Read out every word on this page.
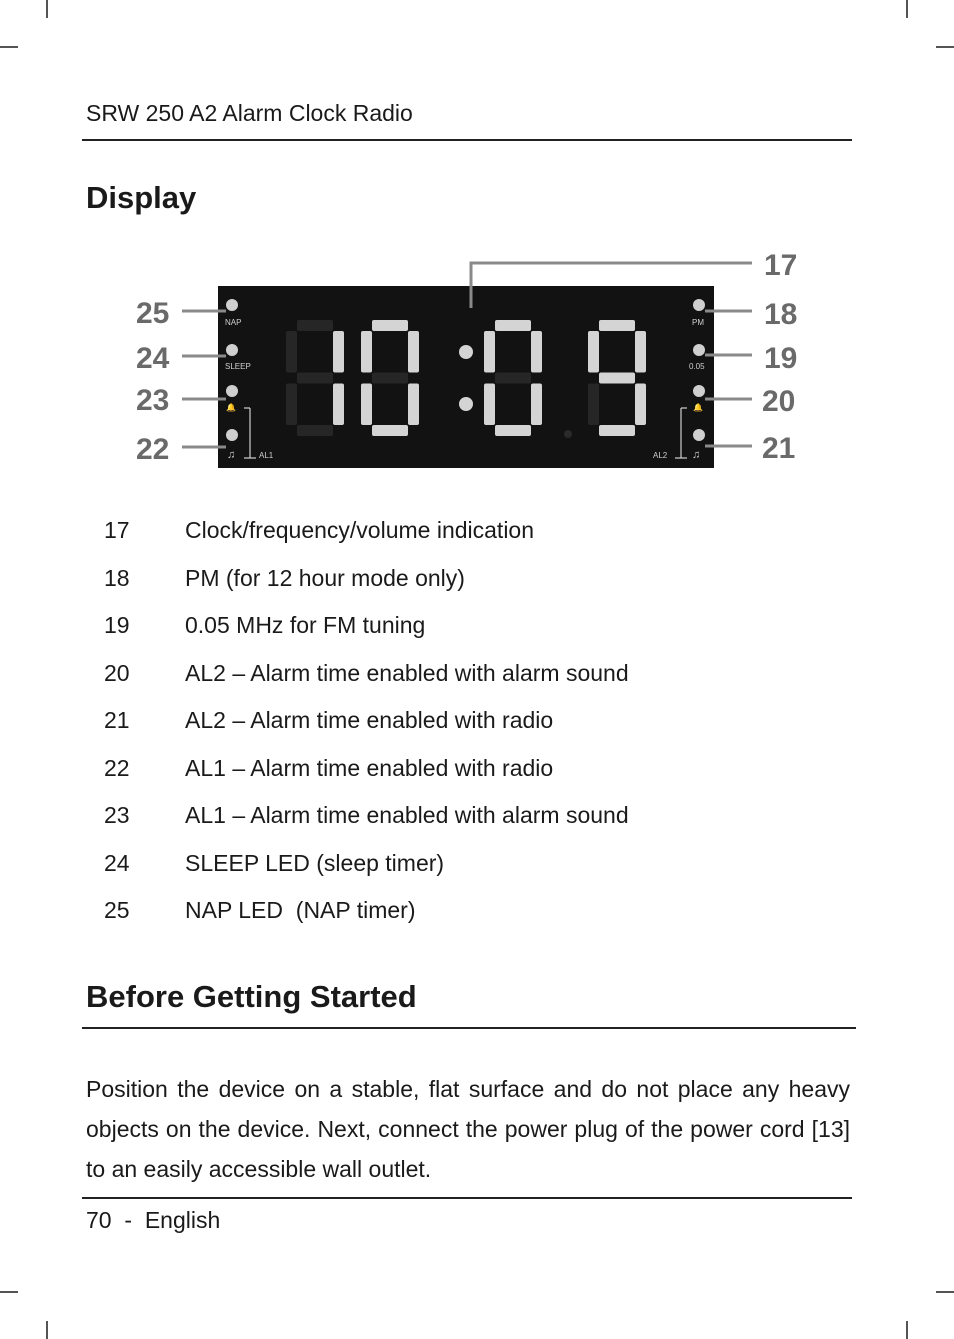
SRW 250 A2 Alarm Clock Radio
Display
NAP
SLEEP
🔔
♫	AL1
PM
0.05
🔔
♫
AL2
17
18
19
20
21
25
24
23
22
17 Clock/frequency/volume indication
18 PM (for 12 hour mode only)
19 0.05 MHz for FM tuning
20 AL2 – Alarm time enabled with alarm sound
21 AL2 – Alarm time enabled with radio
22 AL1 – Alarm time enabled with radio
23 AL1 – Alarm time enabled with alarm sound
24 SLEEP LED (sleep timer)
25 NAP LED  (NAP timer)
Before Getting Started

Position the device on a stable, flat surface and do not place any heavy objects on the device. Next, connect the power plug of the power cord [13] to an easily accessible wall outlet.

70 - English
